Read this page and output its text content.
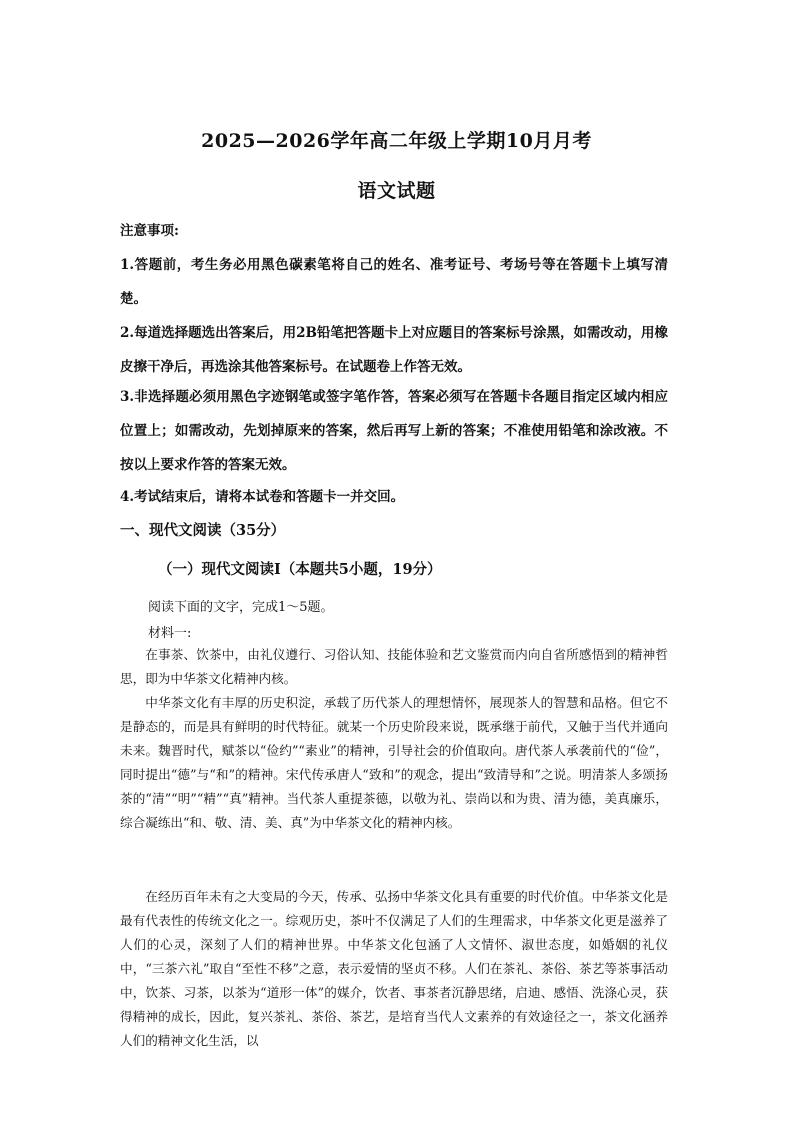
2025—2026学年高二年级上学期10月月考
语文试题
注意事项:
1.答题前，考生务必用黑色碳素笔将自己的姓名、准考证号、考场号等在答题卡上填写清楚。
2.每道选择题选出答案后，用2B铅笔把答题卡上对应题目的答案标号涂黑，如需改动，用橡皮擦干净后，再选涂其他答案标号。在试题卷上作答无效。
3.非选择题必须用黑色字迹钢笔或签字笔作答，答案必须写在答题卡各题目指定区域内相应位置上；如需改动，先划掉原来的答案，然后再写上新的答案；不准使用铅笔和涂改液。不按以上要求作答的答案无效。
4.考试结束后，请将本试卷和答题卡一并交回。
一、现代文阅读（35分）
（一）现代文阅读Ⅰ（本题共5小题，19分）
阅读下面的文字，完成1～5题。
材料一:
在事茶、饮茶中，由礼仪遵行、习俗认知、技能体验和艺文鉴赏而内向自省所感悟到的精神哲思，即为中华茶文化精神内核。
中华茶文化有丰厚的历史积淀，承载了历代茶人的理想情怀，展现茶人的智慧和品格。但它不是静态的，而是具有鲜明的时代特征。就某一个历史阶段来说，既承继于前代，又触于当代并通向未来。魏晋时代，赋茶以“俭约”“素业”的精神，引导社会的价值取向。唐代茶人承袭前代的“俭”，同时提出“德”与“和”的精神。宋代传承唐人“致和”的观念，提出“致清导和”之说。明清茶人多颂扬茶的“清”“明”“精”“真”精神。当代茶人重提茶德，以敬为礼、崇尚以和为贵、清为德，美真廉乐，综合凝练出“和、敬、清、美、真”为中华茶文化的精神内核。
在经历百年未有之大变局的今天，传承、弘扬中华茶文化具有重要的时代价值。中华茶文化是最有代表性的传统文化之一。综观历史，茶叶不仅满足了人们的生理需求，中华茶文化更是滋养了人们的心灵，深刻了人们的精神世界。中华茶文化包涵了人文情怀、淑世态度，如婚姻的礼仪中，“三茶六礼”取自“至性不移”之意，表示爱情的坚贞不移。人们在茶礼、茶俗、茶艺等茶事活动中，饮茶、习茶，以茶为“道形一体”的媒介，饮者、事茶者沉静思绪，启迪、感悟、洗涤心灵，获得精神的成长，因此，复兴茶礼、茶俗、茶艺，是培育当代人文素养的有效途径之一，茶文化涵养人们的精神文化生活，以
